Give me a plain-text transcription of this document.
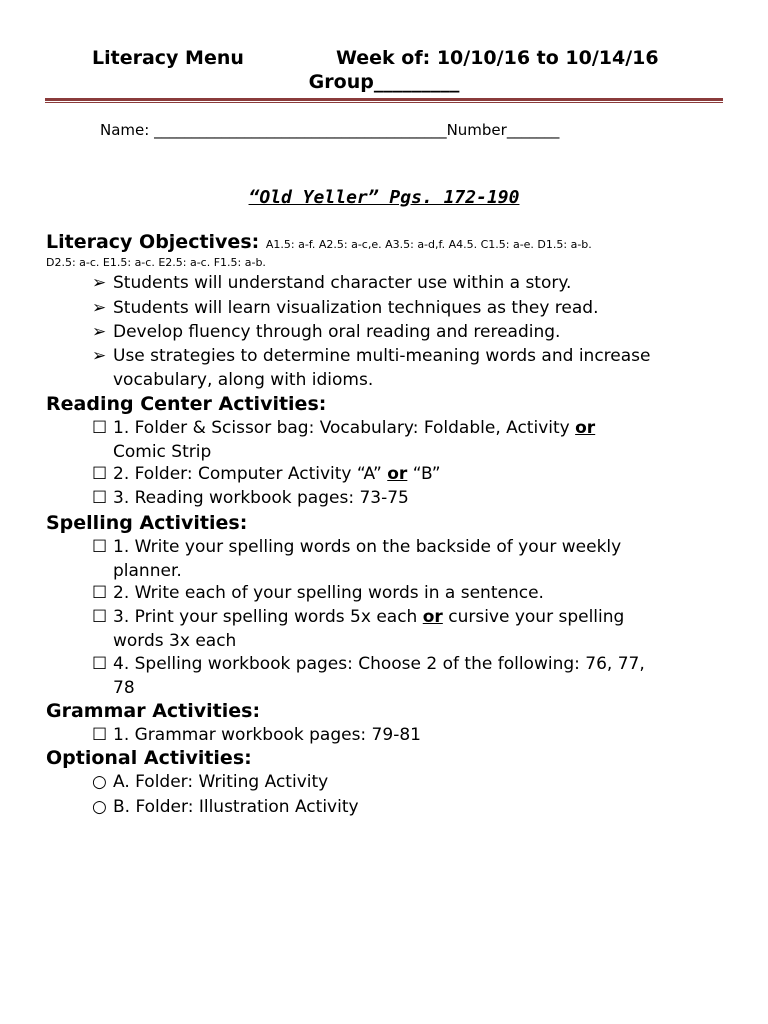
Literacy Menu	Week of: 10/10/16 to 10/14/16
Group_________
Name: _______________________________________Number_______
“Old Yeller” Pgs. 172-190
Literacy Objectives: A1.5: a-f. A2.5: a-c,e. A3.5: a-d,f. A4.5. C1.5: a-e. D1.5: a-b.
D2.5: a-c. E1.5: a-c. E2.5: a-c. F1.5: a-b.
➢ Students will understand character use within a story.
➢ Students will learn visualization techniques as they read.
➢ Develop fluency through oral reading and rereading.
➢ Use strategies to determine multi-meaning words and increase
vocabulary, along with idioms.
Reading Center Activities:
☐ 1. Folder & Scissor bag: Vocabulary: Foldable, Activity or
Comic Strip
☐ 2. Folder: Computer Activity “A” or “B”
☐ 3. Reading workbook pages: 73-75
Spelling Activities:
☐ 1. Write your spelling words on the backside of your weekly
planner.
☐ 2. Write each of your spelling words in a sentence.
☐ 3. Print your spelling words 5x each or cursive your spelling
words 3x each
☐ 4. Spelling workbook pages: Choose 2 of the following: 76, 77,
78
Grammar Activities:
☐ 1. Grammar workbook pages: 79-81
Optional Activities:
○ A. Folder: Writing Activity
○ B. Folder: Illustration Activity
